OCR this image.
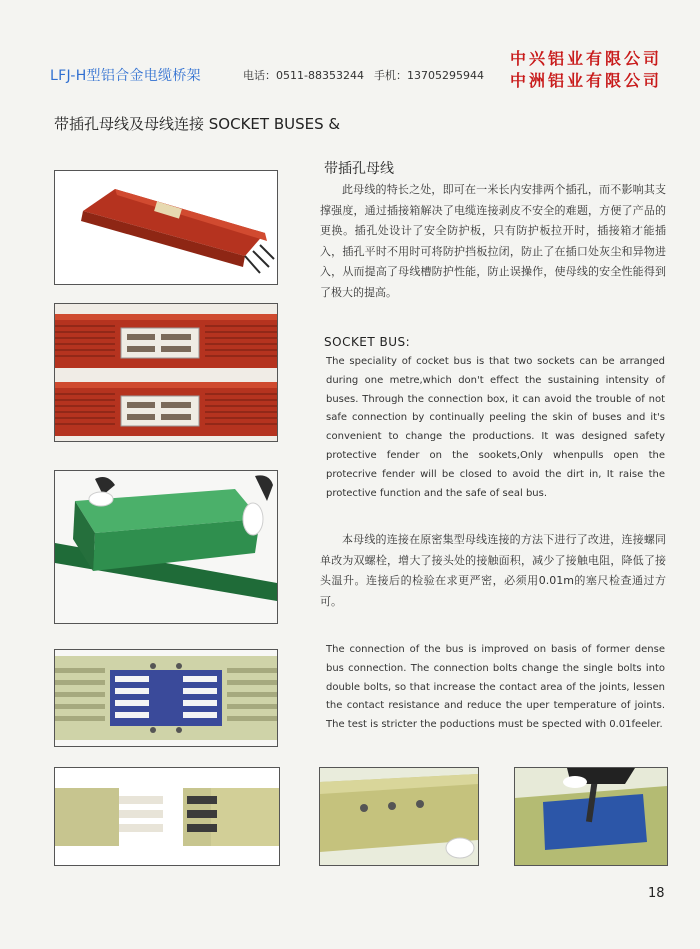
LFJ-H型铝合金电缆桥架	电话：0511-88353244 手机：13705295944
中兴铝业有限公司
中洲铝业有限公司
带插孔母线及母线连接 SOCKET BUSES &
带插孔母线
此母线的特长之处，即可在一米长内安排两个插孔，而不影响其支撑强度，通过插接箱解决了电缆连接剥皮不安全的难题，方便了产品的更换。插孔处设计了安全防护板，只有防护板拉开时，插接箱才能插入，插孔平时不用时可将防护挡板拉闭，防止了在插口处灰尘和异物进入，从而提高了母线槽防护性能，防止误操作，使母线的安全性能得到了极大的提高。
SOCKET BUS:
The speciality of cocket bus is that two sockets can be arranged during one metre,which don't effect the sustaining intensity of buses. Through the connection box, it can avoid the trouble of not safe connection by continually peeling the skin of buses and it's convenient to change the productions. It was designed safety protective fender on the sookets,Only whenpulls open the protecrive fender will be closed to avoid the dirt in, It raise the protective function and the safe of seal bus.
本母线的连接在原密集型母线连接的方法下进行了改进，连接螺同单改为双螺栓，增大了接头处的接触面积，减少了接触电阻，降低了接头温升。连接后的检验在求更严密，必须用0.01m的塞尺检查通过方可。
The connection of the bus is improved on basis of former dense bus connection. The connection bolts change the single bolts into double bolts, so that increase the contact area of the joints, lessen the contact resistance and reduce the uper temperature of joints. The test is stricter the poductions must be spected with 0.01feeler.
18
